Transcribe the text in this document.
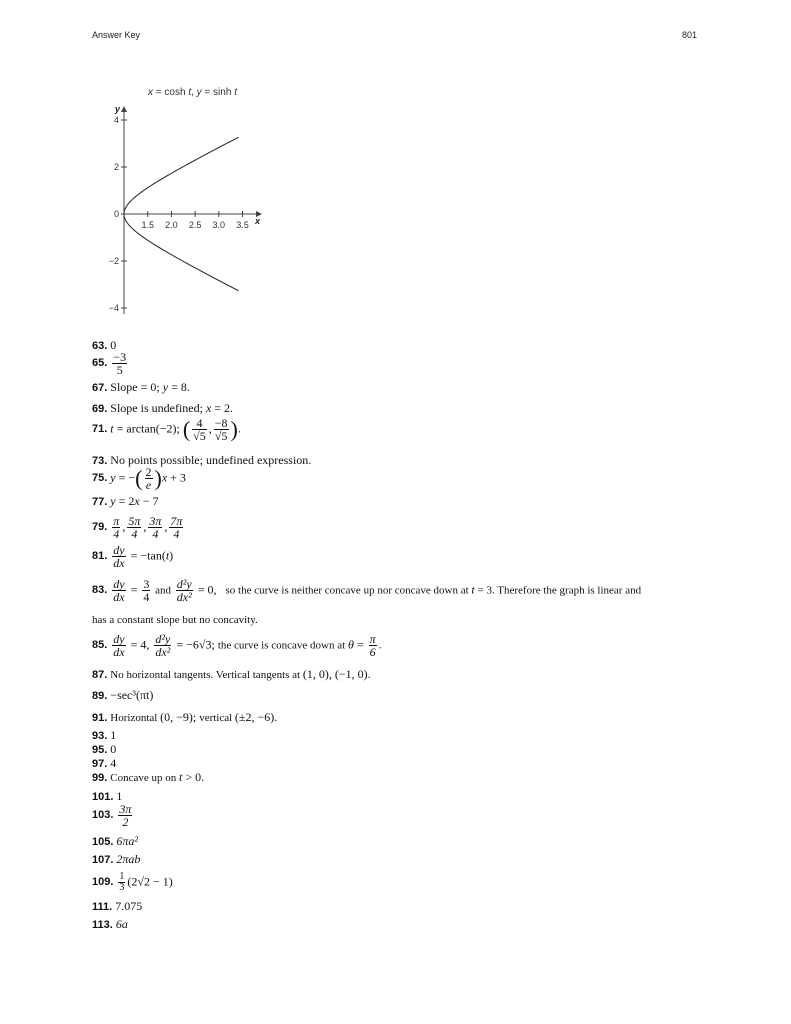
Answer Key	801
x = cosh t, y = sinh t
4
2
0
−2
−4
1.5 2.0 2.5 3.0 3.5
y
x
63. 0
65. $\frac{-3}{5}$
67. Slope = 0; y = 8.
69. Slope is undefined; x = 2.
71. t = arctan(−2); ( $\frac{4}{√5}$ , $\frac{-8}{√5}$ ).
73. No points possible; undefined expression.
75. y = −( $\frac{2}{e} )x + 3$
77. y = 2x − 7
79. $\frac{\pi}{4}$ , $\frac{5\pi}{4}$ , $\frac{3\pi}{4}$ , $\frac{7\pi}{4}$
81. $\frac{dy}{dx} = -\tan(t)$
83. $\frac{dy}{dx} = \frac{3}{4}$ and $\frac{\text{d²y}}{\text{dx²}} = 0$, so the curve is neither concave up nor concave down at t = 3. Therefore the graph is linear and
has a constant slope but no concavity.
85. $\frac{dy}{dx} = 4$, $\frac{\text{d²y}}{\text{dx²}} = -6√3$; the curve is concave down at $\theta = \frac{\pi}{6}$ .
87. No horizontal tangents. Vertical tangents at (1, 0), (−1, 0).
89. −sec³(πt)
91. Horizontal (0, −9); vertical (±2, −6).
93. 1
95. 0
97. 4
99. Concave up on t > 0.
101. 1
103. $\frac{3\pi}{2}$
105. 6πa²
107. 2πab
109. $\frac{1}{3} (2√2 - 1)$
111. 7.075
113. 6a
